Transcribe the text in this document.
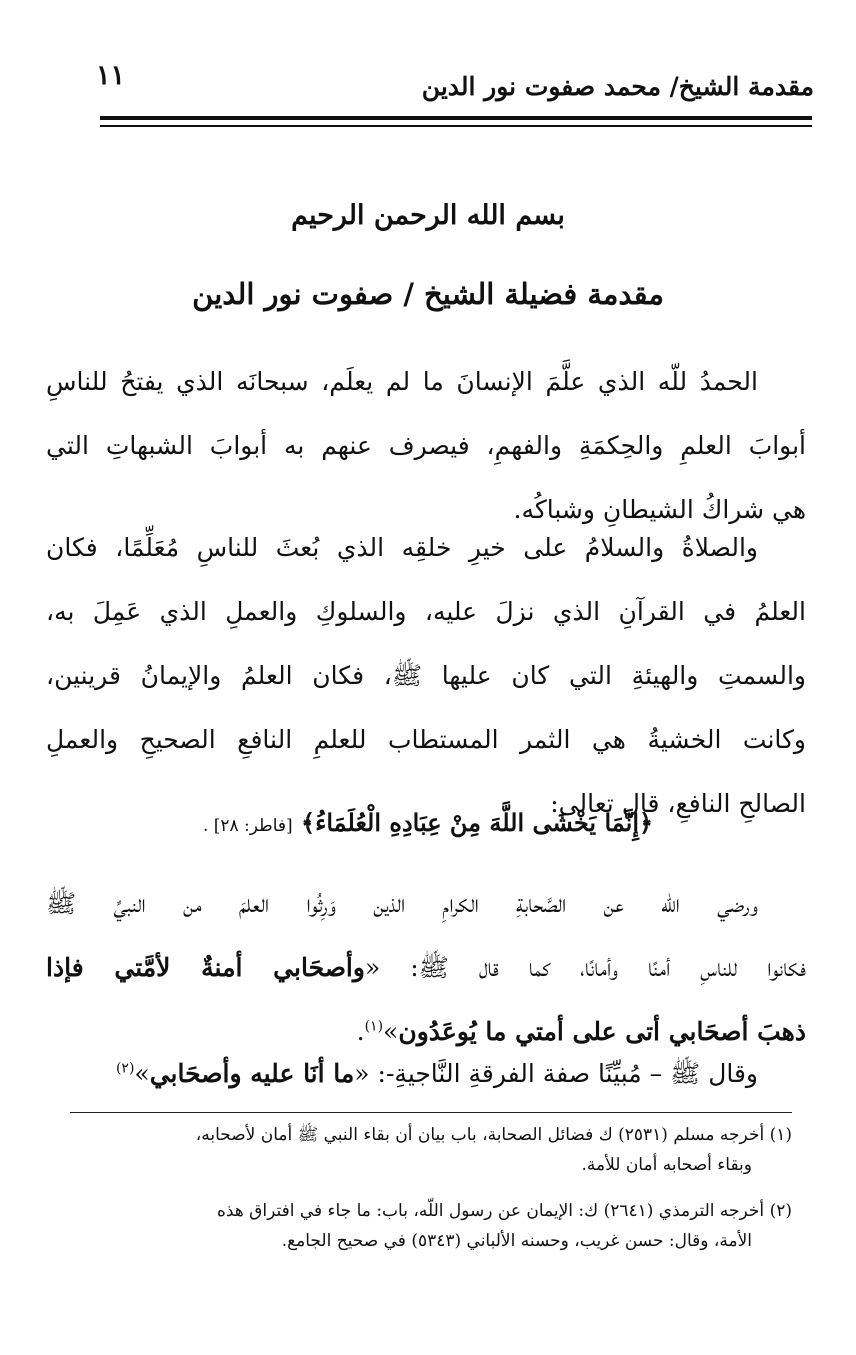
مقدمة الشيخ/ محمد صفوت نور الدين
١١
بسم الله الرحمن الرحيم
مقدمة فضيلة الشيخ / صفوت نور الدين
الحمدُ للّه الذي علَّمَ الإنسانَ ما لم يعلَم، سبحانَه الذي يفتحُ للناسِ
أبوابَ العلمِ والحِكمَةِ والفهمِ، فيصرف عنهم به أبوابَ الشبهاتِ التي
هي شراكُ الشيطانِ وشباكُه.
والصلاةُ والسلامُ على خيرِ خلقِه الذي بُعثَ للناسِ مُعَلِّمًا، فكان
العلمُ في القرآنِ الذي نزلَ عليه، والسلوكِ والعملِ الذي عَمِلَ به،
والسمتِ والهيئةِ التي كان عليها ﷺ، فكان العلمُ والإيمانُ قرينين،
وكانت الخشيةُ هي الثمر المستطاب للعلمِ النافعِ الصحيحِ والعملِ
الصالحِ النافعِ، قال تعالى:
﴿إِنَّمَا يَخْشَى اللَّهَ مِنْ عِبَادِهِ الْعُلَمَاءُ﴾ [فاطر: ٢٨] .
ورضي اللّه عن الصَّحابةِ الكرامِ الذين وَرِثُوا العلمَ من النبيِّ ﷺ
فكانوا للناسِ أمنًا وأمانًا، كما قال ﷺ: «وأصحَابي أمنةٌ لأمَّتي فإذا
ذهبَ أصحَابي أتى على أمتي ما يُوعَدُون»$^{(١)}$.
وقال ﷺ – مُبيِّنًا صفة الفرقةِ النَّاجيةِ-: «ما أنَا عليه وأصحَابي»$^{(٢)}$
(١) أخرجه مسلم (٢٥٣١) ك فضائل الصحابة، باب بيان أن بقاء النبي ﷺ أمان لأصحابه،
وبقاء أصحابه أمان للأمة.
(٢) أخرجه الترمذي (٢٦٤١) ك: الإيمان عن رسول اللّه، باب: ما جاء في افتراق هذه
الأمة، وقال: حسن غريب، وحسنه الألباني (٥٣٤٣) في صحيح الجامع.
